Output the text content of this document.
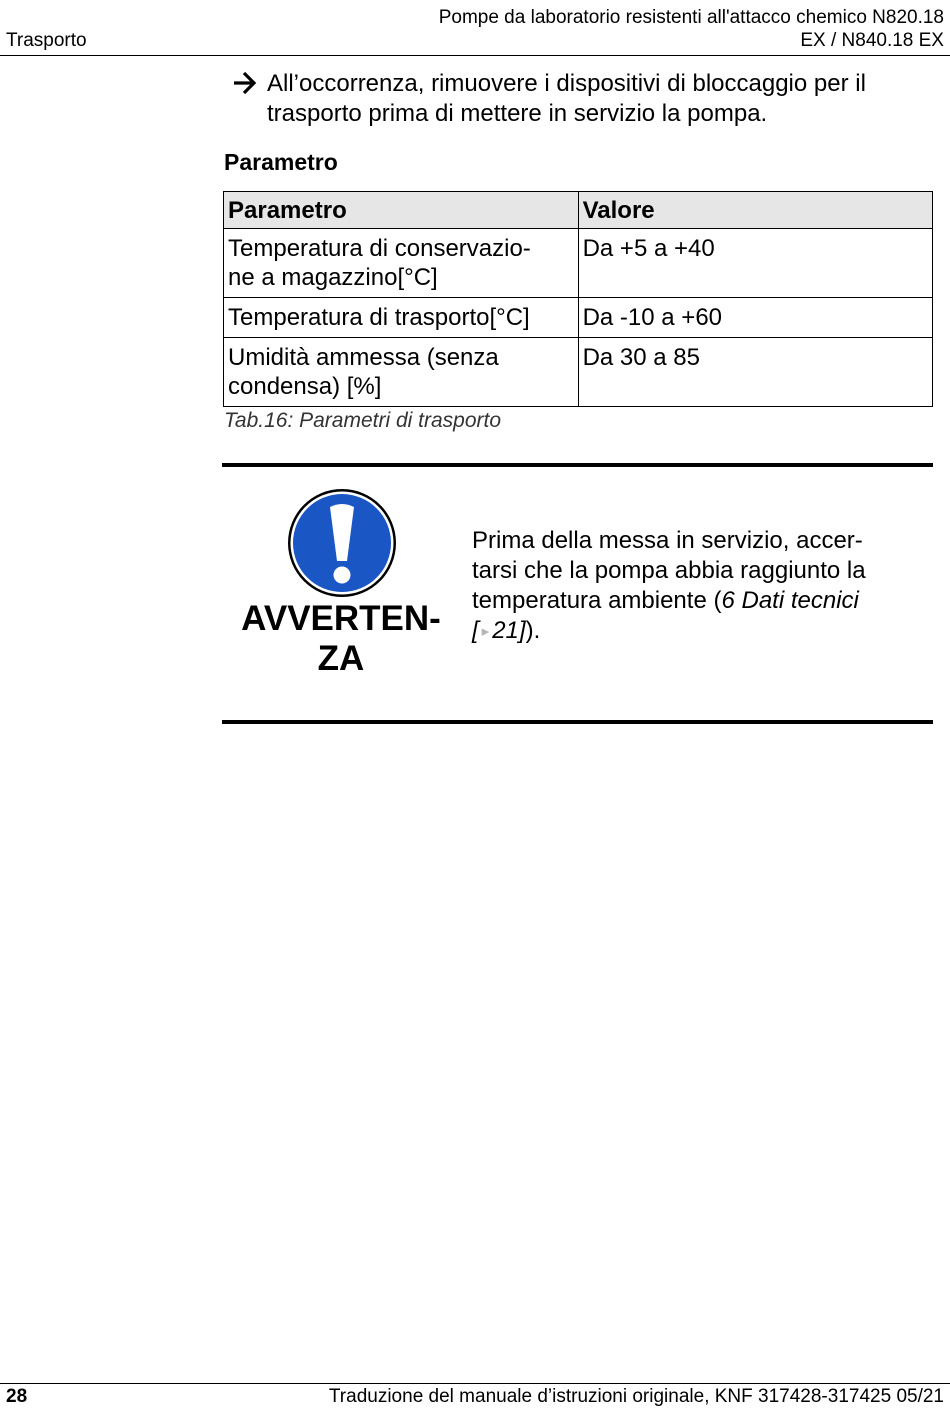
Pompe da laboratorio resistenti all'attacco chemico N820.18
EX / N840.18 EX
Trasporto
All’occorrenza, rimuovere i dispositivi di bloccaggio per il trasporto prima di mettere in servizio la pompa.
Parametro
Parametro	Valore

Temperatura di conservazio-
ne a magazzino[°C]	Da +5 a +40

Temperatura di trasporto[°C]	Da -10 a +60

Umidità ammessa (senza
condensa) [%]	Da 30 a 85
Tab.16: Parametri di trasporto
AVVERTEN-
ZA
Prima della messa in servizio, accer-
tarsi che la pompa abbia raggiunto la
temperatura ambiente (6 Dati tecnici
[ ▸ 21]).
28	Traduzione del manuale d’istruzioni originale, KNF 317428-317425 05/21
